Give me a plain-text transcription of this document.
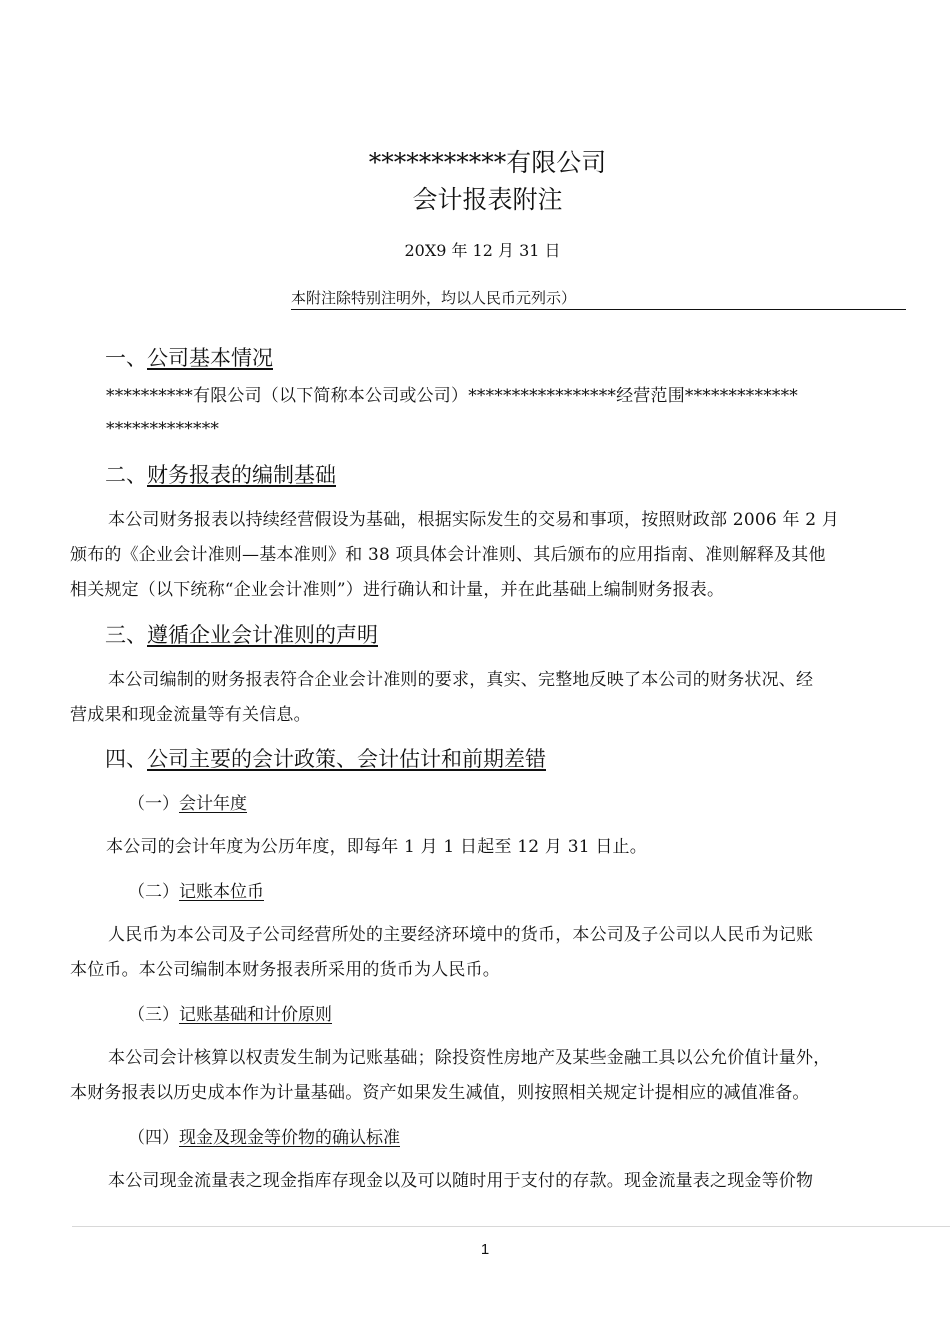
***********有限公司
会计报表附注
20X9 年 12 月 31 日
本附注除特别注明外，均以人民币元列示）
一、公司基本情况
**********有限公司（以下简称本公司或公司）*****************经营范围*************
*************
二、财务报表的编制基础
本公司财务报表以持续经营假设为基础，根据实际发生的交易和事项，按照财政部 2006 年 2 月
颁布的《企业会计准则—基本准则》和 38 项具体会计准则、其后颁布的应用指南、准则解释及其他
相关规定（以下统称“企业会计准则”）进行确认和计量，并在此基础上编制财务报表。
三、遵循企业会计准则的声明
本公司编制的财务报表符合企业会计准则的要求，真实、完整地反映了本公司的财务状况、经
营成果和现金流量等有关信息。
四、公司主要的会计政策、会计估计和前期差错
（一）会计年度
本公司的会计年度为公历年度，即每年 1 月 1 日起至 12 月 31 日止。
（二）记账本位币
人民币为本公司及子公司经营所处的主要经济环境中的货币，本公司及子公司以人民币为记账
本位币。本公司编制本财务报表所采用的货币为人民币。
（三）记账基础和计价原则
本公司会计核算以权责发生制为记账基础；除投资性房地产及某些金融工具以公允价值计量外，
本财务报表以历史成本作为计量基础。资产如果发生减值，则按照相关规定计提相应的减值准备。
（四）现金及现金等价物的确认标准
本公司现金流量表之现金指库存现金以及可以随时用于支付的存款。现金流量表之现金等价物
1
